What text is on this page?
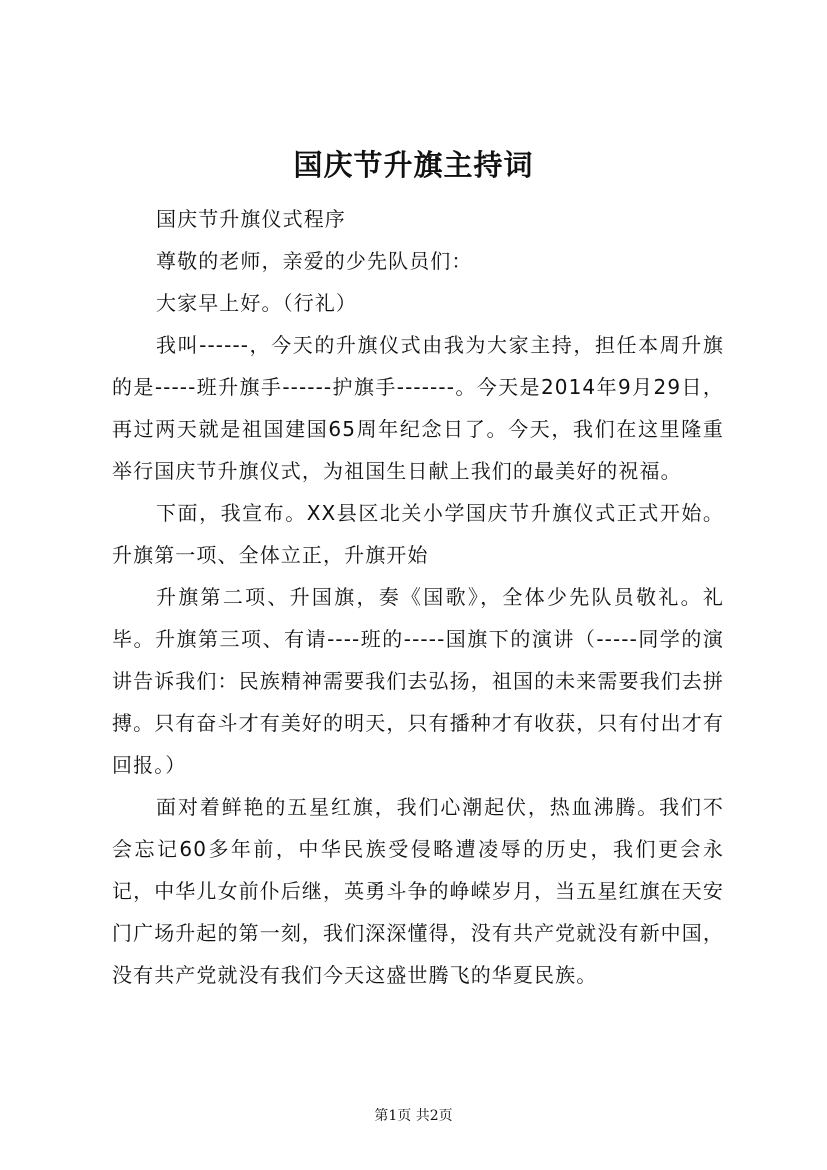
国庆节升旗主持词

国庆节升旗仪式程序

尊敬的老师，亲爱的少先队员们：

大家早上好。（行礼）

我叫------，今天的升旗仪式由我为大家主持，担任本周升旗的是-----班升旗手------护旗手-------。今天是2014年9月29日，再过两天就是祖国建国65周年纪念日了。今天，我们在这里隆重举行国庆节升旗仪式，为祖国生日献上我们的最美好的祝福。

下面，我宣布。XX县区北关小学国庆节升旗仪式正式开始。升旗第一项、全体立正，升旗开始

升旗第二项、升国旗，奏《国歌》，全体少先队员敬礼。礼毕。升旗第三项、有请----班的-----国旗下的演讲（-----同学的演讲告诉我们：民族精神需要我们去弘扬，祖国的未来需要我们去拼搏。只有奋斗才有美好的明天，只有播种才有收获，只有付出才有回报。）

面对着鲜艳的五星红旗，我们心潮起伏，热血沸腾。我们不会忘记60多年前，中华民族受侵略遭凌辱的历史，我们更会永记，中华儿女前仆后继，英勇斗争的峥嵘岁月，当五星红旗在天安门广场升起的第一刻，我们深深懂得，没有共产党就没有新中国，没有共产党就没有我们今天这盛世腾飞的华夏民族。

第1页 共2页
